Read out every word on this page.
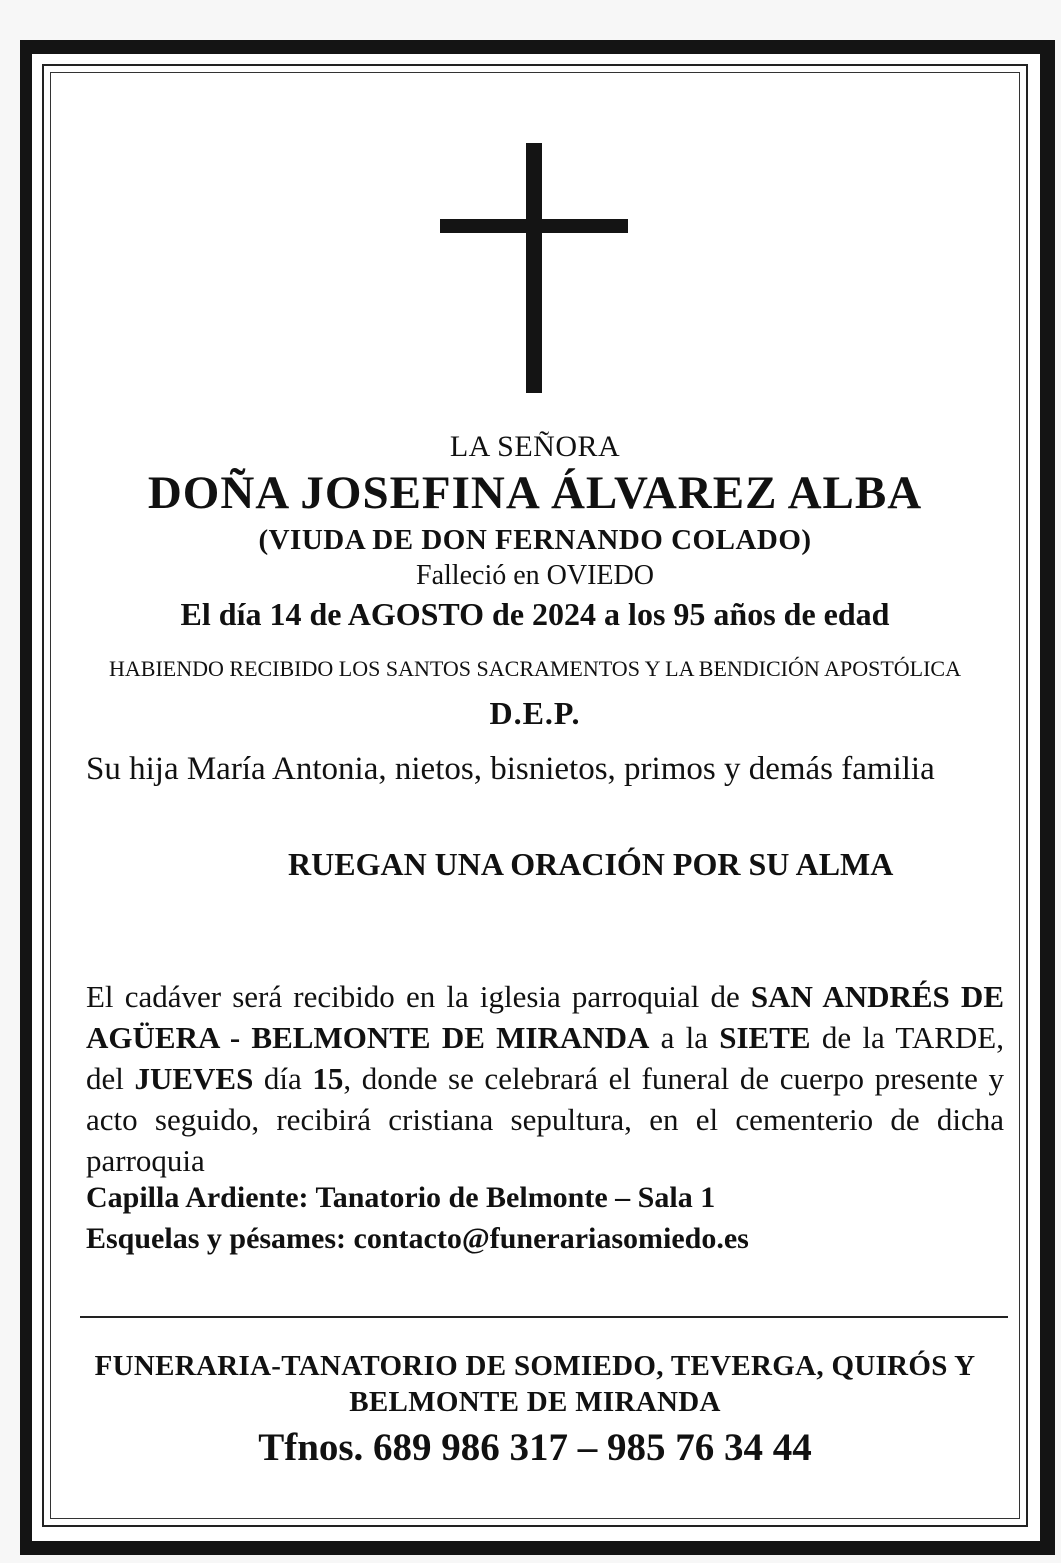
LA SEÑORA
DOÑA JOSEFINA ÁLVAREZ ALBA
(VIUDA DE DON FERNANDO COLADO)
Falleció en OVIEDO
El día 14 de AGOSTO de 2024 a los 95 años de edad
HABIENDO RECIBIDO LOS SANTOS SACRAMENTOS Y LA BENDICIÓN APOSTÓLICA
D.E.P.
Su hija María Antonia, nietos, bisnietos, primos y demás familia
RUEGAN UNA ORACIÓN POR SU ALMA
El cadáver será recibido en la iglesia parroquial de SAN ANDRÉS DE AGÜERA - BELMONTE DE MIRANDA a la SIETE de la TARDE, del JUEVES día 15, donde se celebrará el funeral de cuerpo presente y acto seguido, recibirá cristiana sepultura, en el cementerio de dicha parroquia
Capilla Ardiente: Tanatorio de Belmonte – Sala 1
Esquelas y pésames: contacto@funerariasomiedo.es
FUNERARIA-TANATORIO DE SOMIEDO, TEVERGA, QUIRÓS Y
BELMONTE DE MIRANDA
Tfnos. 689 986 317 – 985 76 34 44
